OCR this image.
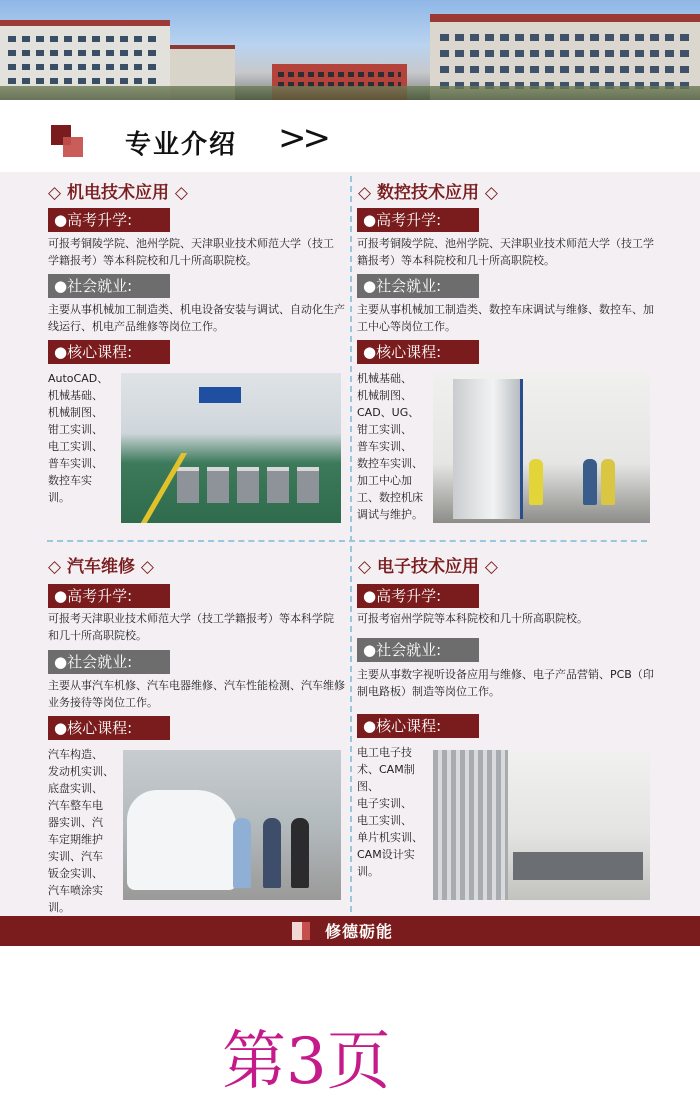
专业介绍 >>
◇ 机电技术应用 ◇
●高考升学:
可报考铜陵学院、池州学院、天津职业技术师范大学（技工学籍报考）等本科院校和几十所高职院校。
●社会就业:
主要从事机械加工制造类、机电设备安装与调试、自动化生产线运行、机电产品维修等岗位工作。
●核心课程:
AutoCAD、
机械基础、
机械制图、
钳工实训、
电工实训、
普车实训、
数控车实
训。
◇ 数控技术应用 ◇
●高考升学:
可报考铜陵学院、池州学院、天津职业技术师范大学（技工学籍报考）等本科院校和几十所高职院校。
●社会就业:
主要从事机械加工制造类、数控车床调试与维修、数控车、加工中心等岗位工作。
●核心课程:
机械基础、
机械制图、
CAD、UG、
钳工实训、
普车实训、
数控车实训、
加工中心加
工、数控机床
调试与维护。
◇ 汽车维修 ◇
●高考升学:
可报考天津职业技术师范大学（技工学籍报考）等本科学院和几十所高职院校。
●社会就业:
主要从事汽车机修、汽车电器维修、汽车性能检测、汽车维修业务接待等岗位工作。
●核心课程:
汽车构造、
发动机实训、
底盘实训、
汽车整车电
器实训、汽
车定期维护
实训、汽车
钣金实训、
汽车喷涂实
训。
◇ 电子技术应用 ◇
●高考升学:
可报考宿州学院等本科院校和几十所高职院校。
●社会就业:
主要从事数字视听设备应用与维修、电子产品营销、PCB（印制电路板）制造等岗位工作。
●核心课程:
电工电子技
术、CAM制图、
电子实训、
电工实训、
单片机实训、
CAM设计实
训。
修德砺能
第3页
